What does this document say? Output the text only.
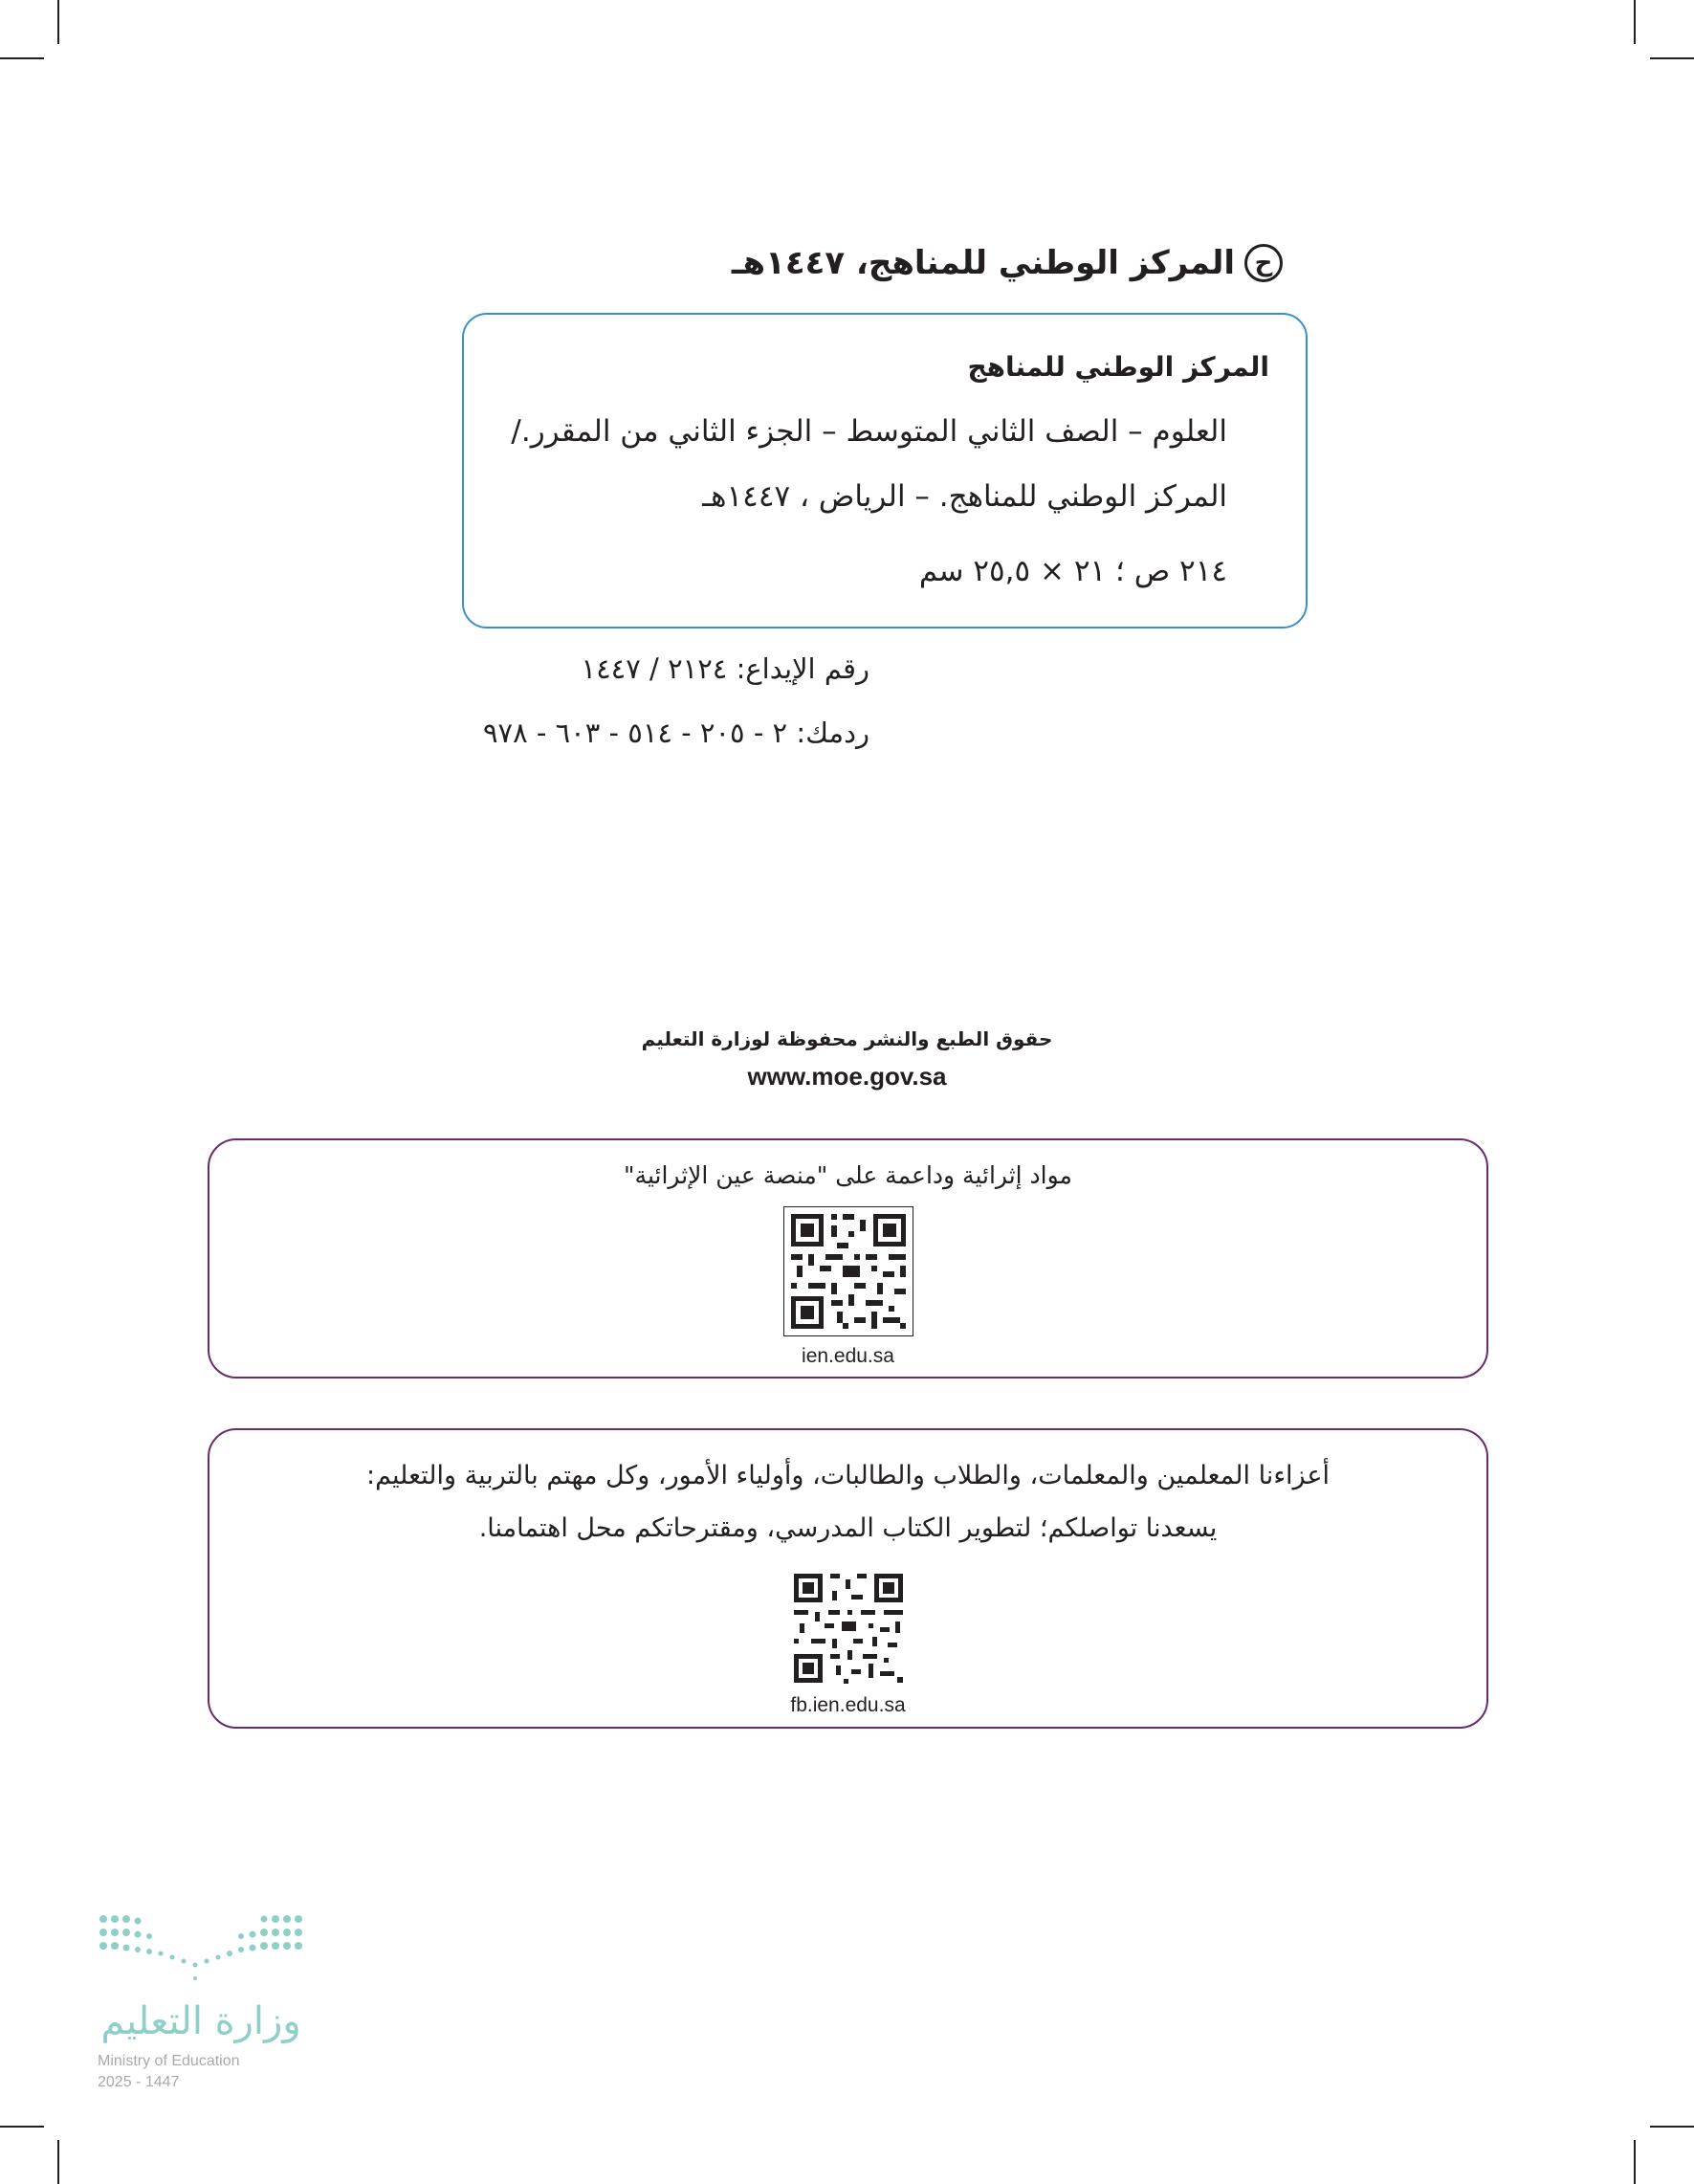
ح
المركز الوطني للمناهج، ١٤٤٧هـ
المركز الوطني للمناهج
العلوم – الصف الثاني المتوسط – الجزء الثاني من المقرر./
المركز الوطني للمناهج. – الرياض ، ١٤٤٧هـ
٢١٤ ص ؛ ٢١ × ٢٥,٥ سم
رقم الإيداع: ٢١٢٤ / ١٤٤٧
ردمك: ٢ - ٢٠٥ - ٥١٤ - ٦٠٣ - ٩٧٨
حقوق الطبع والنشر محفوظة لوزارة التعليم
www.moe.gov.sa
مواد إثرائية وداعمة على "منصة عين الإثرائية"
ien.edu.sa
أعزاءنا المعلمين والمعلمات، والطلاب والطالبات، وأولياء الأمور، وكل مهتم بالتربية والتعليم:
يسعدنا تواصلكم؛ لتطوير الكتاب المدرسي، ومقترحاتكم محل اهتمامنا.
fb.ien.edu.sa
وزارة التعليم
Ministry of Education
2025 - 1447
